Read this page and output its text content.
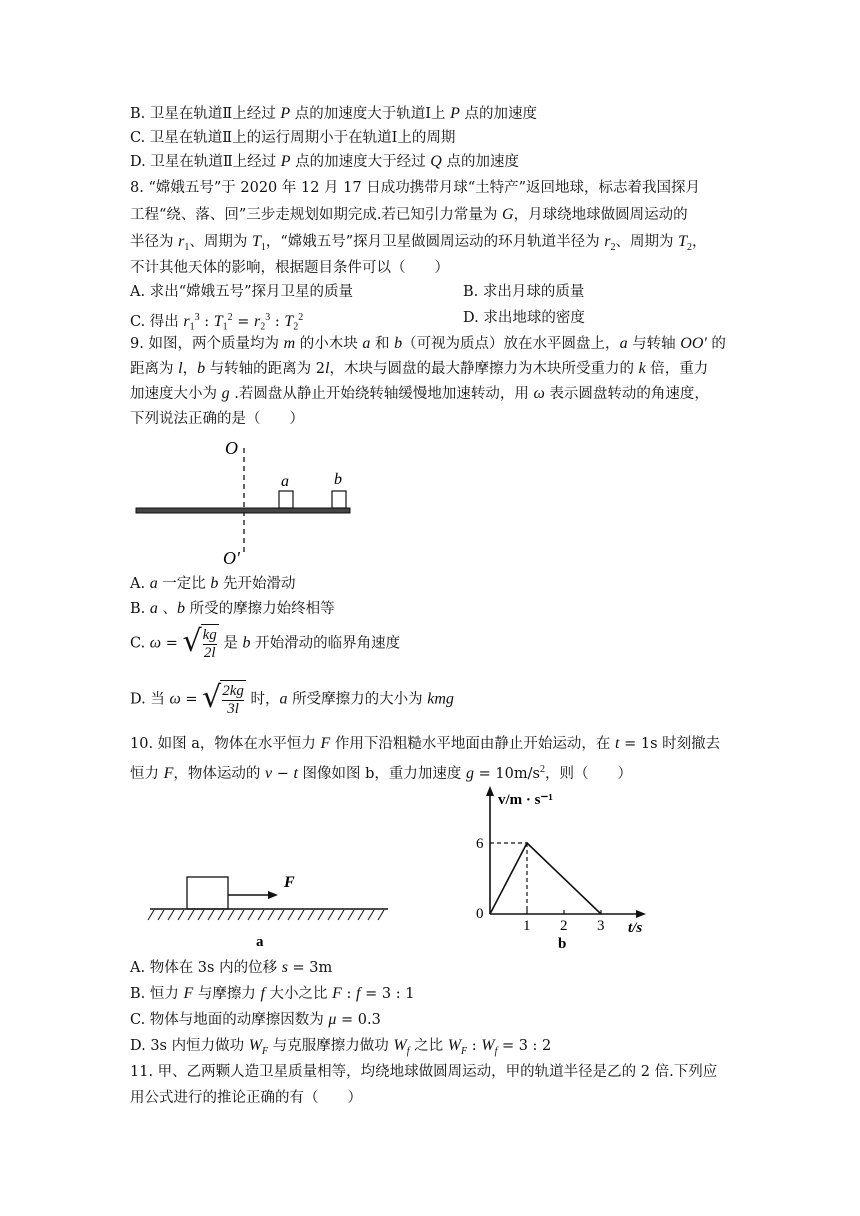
B. 卫星在轨道Ⅱ上经过 P 点的加速度大于轨道Ⅰ上 P 点的加速度
C. 卫星在轨道Ⅱ上的运行周期小于在轨道Ⅰ上的周期
D. 卫星在轨道Ⅱ上经过 P 点的加速度大于经过 Q 点的加速度
8. “嫦娥五号”于 2020 年 12 月 17 日成功携带月球“土特产”返回地球，标志着我国探月
工程“绕、落、回”三步走规划如期完成.若已知引力常量为 G，月球绕地球做圆周运动的
半径为 $r_1$、周期为 $T_1$，“嫦娥五号”探月卫星做圆周运动的环月轨道半径为 $r_2$、周期为 $T_2$，
不计其他天体的影响，根据题目条件可以（　　）
A. 求出“嫦娥五号”探月卫星的质量	B. 求出月球的质量
C. 得出 $r_1^3$ : $T_1^2 = r_2^3$ : $T_2^2$	D. 求出地球的密度
9. 如图，两个质量均为 m 的小木块 a 和 b（可视为质点）放在水平圆盘上，a 与转轴 OO' 的
距离为 l，b 与转轴的距离为 2l，木块与圆盘的最大静摩擦力为木块所受重力的 k 倍，重力
加速度大小为 g .若圆盘从静止开始绕转轴缓慢地加速转动，用 ω 表示圆盘转动的角速度，
下列说法正确的是（　　）
O
O'
a	b
A. a 一定比 b 先开始滑动
B. a 、b 所受的摩擦力始终相等
C. ω = √ $\frac{kg}{2l}$ 是 b 开始滑动的临界角速度
D. 当 ω = √ $\frac{2kg}{3l}$ 时，a 所受摩擦力的大小为 kmg
10. 如图 a，物体在水平恒力 F 作用下沿粗糙水平地面由静止开始运动，在 t = 1s 时刻撤去
恒力 F，物体运动的 v − t 图像如图 b，重力加速度 $g = 10m/s^2$，则（　　）
F
a
v/m · s⁻¹
t/s
6
0
1 2 3
b
A. 物体在 3s 内的位移 s = 3m
B. 恒力 F 与摩擦力 f 大小之比 F : f = 3 : 1
C. 物体与地面的动摩擦因数为 μ = 0.3
D. 3s 内恒力做功 $W_F$ 与克服摩擦力做功 $W_f$ 之比 $W_F$ : $W_f = 3$ : 2
11. 甲、乙两颗人造卫星质量相等，均绕地球做圆周运动，甲的轨道半径是乙的 2 倍.下列应
用公式进行的推论正确的有（　　）
